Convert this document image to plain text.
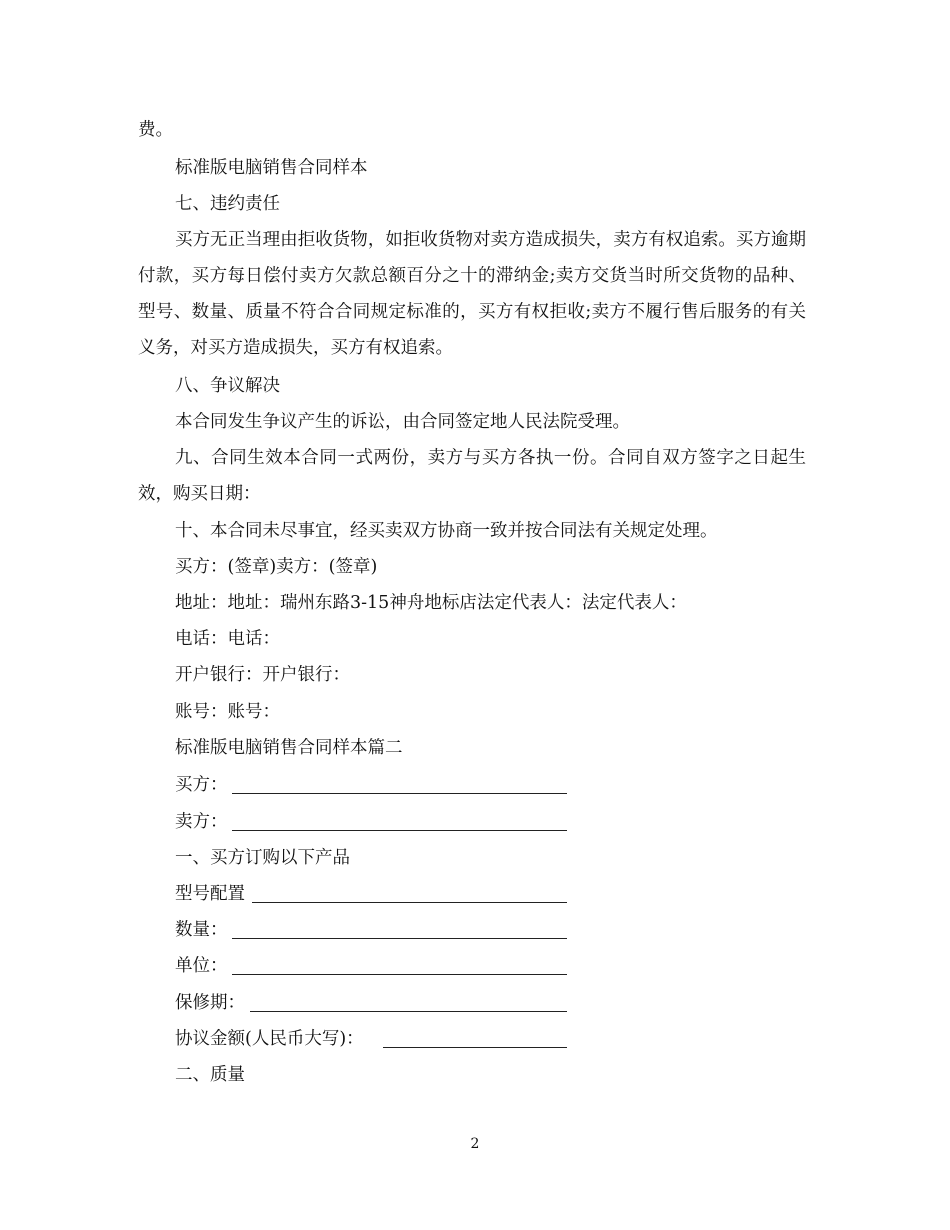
费。
标准版电脑销售合同样本
七、违约责任
买方无正当理由拒收货物，如拒收货物对卖方造成损失，卖方有权追索。买方逾期付款，买方每日偿付卖方欠款总额百分之十的滞纳金;卖方交货当时所交货物的品种、型号、数量、质量不符合合同规定标准的，买方有权拒收;卖方不履行售后服务的有关义务，对买方造成损失，买方有权追索。
八、争议解决
本合同发生争议产生的诉讼，由合同签定地人民法院受理。
九、合同生效本合同一式两份，卖方与买方各执一份。合同自双方签字之日起生效，购买日期：
十、本合同未尽事宜，经买卖双方协商一致并按合同法有关规定处理。
买方：(签章)卖方：(签章)
地址：地址：瑞州东路3-15神舟地标店法定代表人：法定代表人：
电话：电话：
开户银行：开户银行：
账号：账号：
标准版电脑销售合同样本篇二
买方：
卖方：
一、买方订购以下产品
型号配置
数量：
单位：
保修期：
协议金额(人民币大写)：
二、质量
2
